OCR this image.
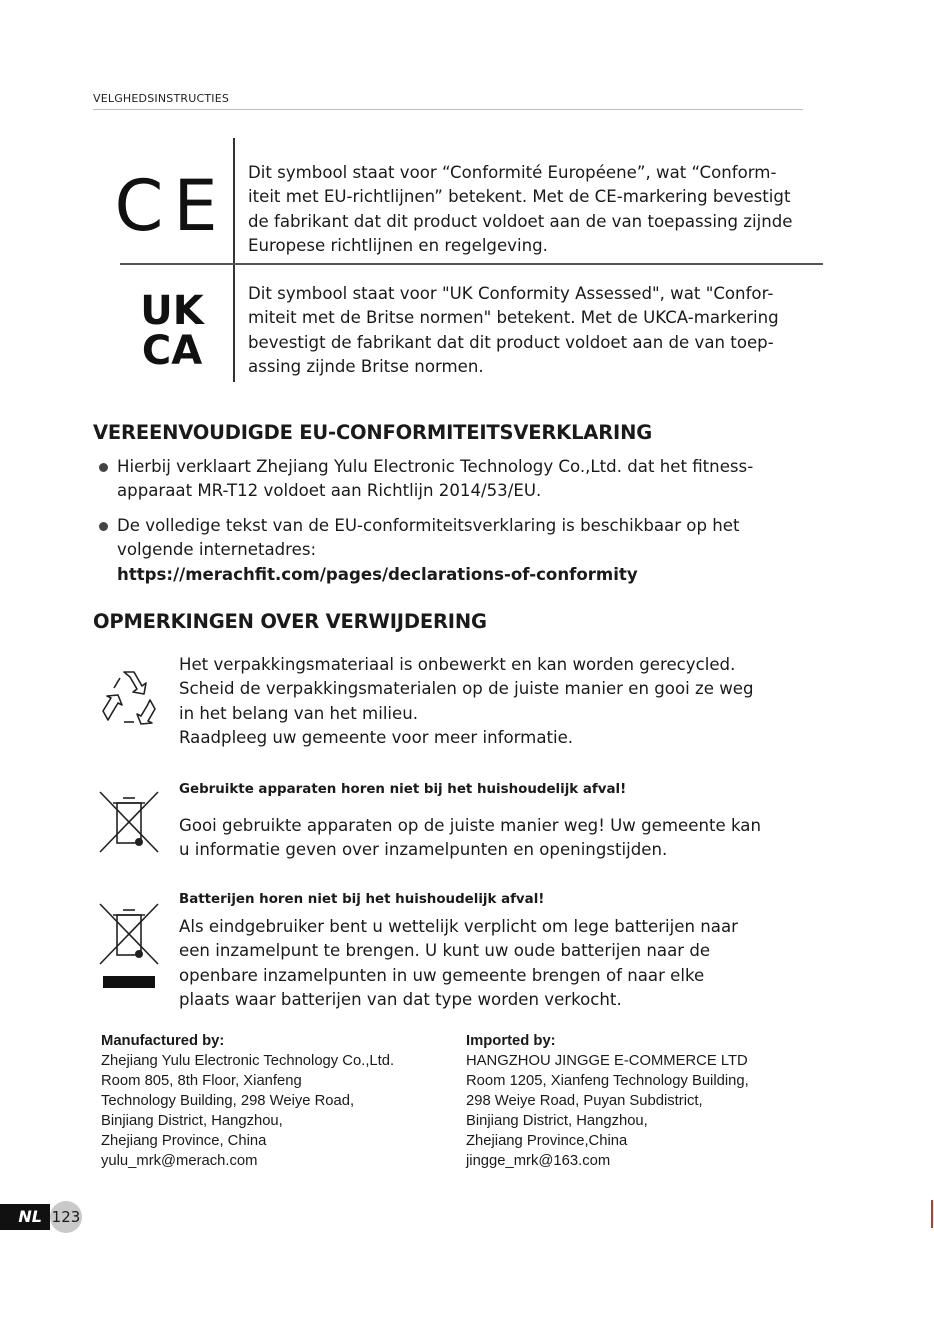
VELGHEDSINSTRUCTIES
CE Dit symbool staat voor “Conformité Européene”, wat “Conform-
iteit met EU-richtlijnen” betekent. Met de CE-markering bevestigt
de fabrikant dat dit product voldoet aan de van toepassing zijnde
Europese richtlijnen en regelgeving.
UK
CA
Dit symbool staat voor "UK Conformity Assessed", wat "Confor-
miteit met de Britse normen" betekent. Met de UKCA-markering
bevestigt de fabrikant dat dit product voldoet aan de van toep-
assing zijnde Britse normen.
VEREENVOUDIGDE EU-CONFORMITEITSVERKLARING
Hierbij verklaart Zhejiang Yulu Electronic Technology Co.,Ltd. dat het fitness-
apparaat MR-T12 voldoet aan Richtlijn 2014/53/EU.
De volledige tekst van de EU-conformiteitsverklaring is beschikbaar op het
volgende internetadres:
https://merachfit.com/pages/declarations-of-conformity
OPMERKINGEN OVER VERWIJDERING
Het verpakkingsmateriaal is onbewerkt en kan worden gerecycled.
Scheid de verpakkingsmaterialen op de juiste manier en gooi ze weg
in het belang van het milieu.
Raadpleeg uw gemeente voor meer informatie.
Gebruikte apparaten horen niet bij het huishoudelijk afval!
Gooi gebruikte apparaten op de juiste manier weg! Uw gemeente kan
u informatie geven over inzamelpunten en openingstijden.
Batterijen horen niet bij het huishoudelijk afval!
Als eindgebruiker bent u wettelijk verplicht om lege batterijen naar
een inzamelpunt te brengen. U kunt uw oude batterijen naar de
openbare inzamelpunten in uw gemeente brengen of naar elke
plaats waar batterijen van dat type worden verkocht.
Manufactured by:
Zhejiang Yulu Electronic Technology Co.,Ltd.
Room 805, 8th Floor, Xianfeng
Technology Building, 298 Weiye Road,
Binjiang District, Hangzhou,
Zhejiang Province, China
yulu_mrk@merach.com
Imported by:
HANGZHOU JINGGE E-COMMERCE LTD
Room 1205, Xianfeng Technology Building,
298 Weiye Road, Puyan Subdistrict,
Binjiang District, Hangzhou,
Zhejiang Province,China
jingge_mrk@163.com
NL 123
